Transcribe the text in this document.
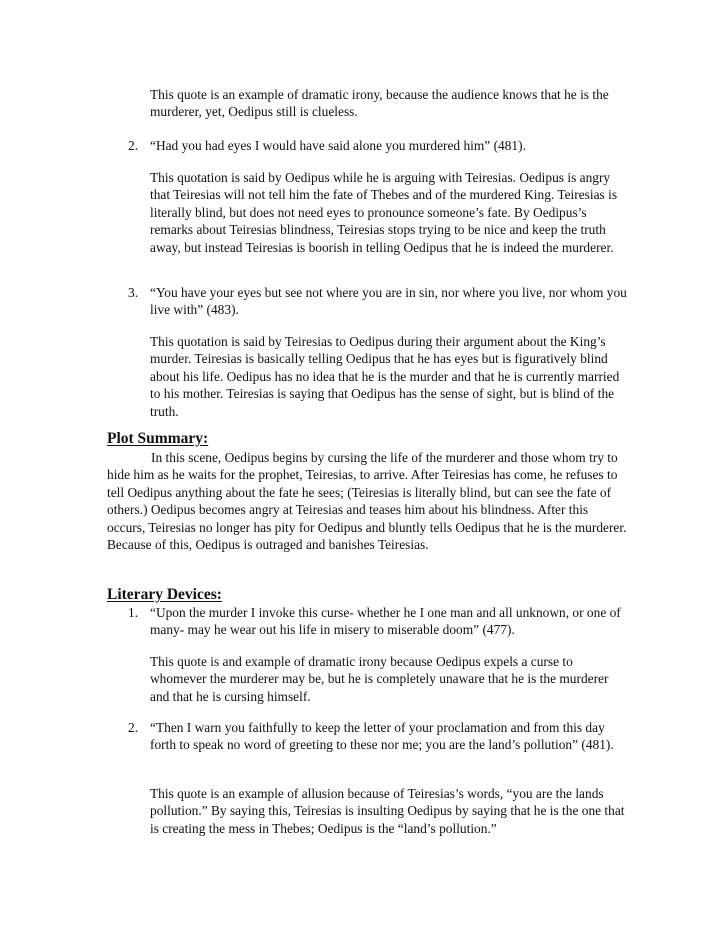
This quote is an example of dramatic irony, because the audience knows that he is the murderer, yet, Oedipus still is clueless.

2. “Had you had eyes I would have said alone you murdered him” (481).

This quotation is said by Oedipus while he is arguing with Teiresias. Oedipus is angry that Teiresias will not tell him the fate of Thebes and of the murdered King. Teiresias is literally blind, but does not need eyes to pronounce someone’s fate. By Oedipus’s remarks about Teiresias blindness, Teiresias stops trying to be nice and keep the truth away, but instead Teiresias is boorish in telling Oedipus that he is indeed the murderer.

3. “You have your eyes but see not where you are in sin, nor where you live, nor whom you live with” (483).

This quotation is said by Teiresias to Oedipus during their argument about the King’s murder. Teiresias is basically telling Oedipus that he has eyes but is figuratively blind about his life. Oedipus has no idea that he is the murder and that he is currently married to his mother. Teiresias is saying that Oedipus has the sense of sight, but is blind of the truth.

Plot Summary:

In this scene, Oedipus begins by cursing the life of the murderer and those whom try to hide him as he waits for the prophet, Teiresias, to arrive. After Teiresias has come, he refuses to tell Oedipus anything about the fate he sees; (Teiresias is literally blind, but can see the fate of others.) Oedipus becomes angry at Teiresias and teases him about his blindness. After this occurs, Teiresias no longer has pity for Oedipus and bluntly tells Oedipus that he is the murderer. Because of this, Oedipus is outraged and banishes Teiresias.

Literary Devices:
1. “Upon the murder I invoke this curse- whether he I one man and all unknown, or one of many- may he wear out his life in misery to miserable doom” (477).

This quote is and example of dramatic irony because Oedipus expels a curse to whomever the murderer may be, but he is completely unaware that he is the murderer and that he is cursing himself.

2. “Then I warn you faithfully to keep the letter of your proclamation and from this day forth to speak no word of greeting to these nor me; you are the land’s pollution” (481).

This quote is an example of allusion because of Teiresias’s words, “you are the lands pollution.” By saying this, Teiresias is insulting Oedipus by saying that he is the one that is creating the mess in Thebes; Oedipus is the “land’s pollution.”
